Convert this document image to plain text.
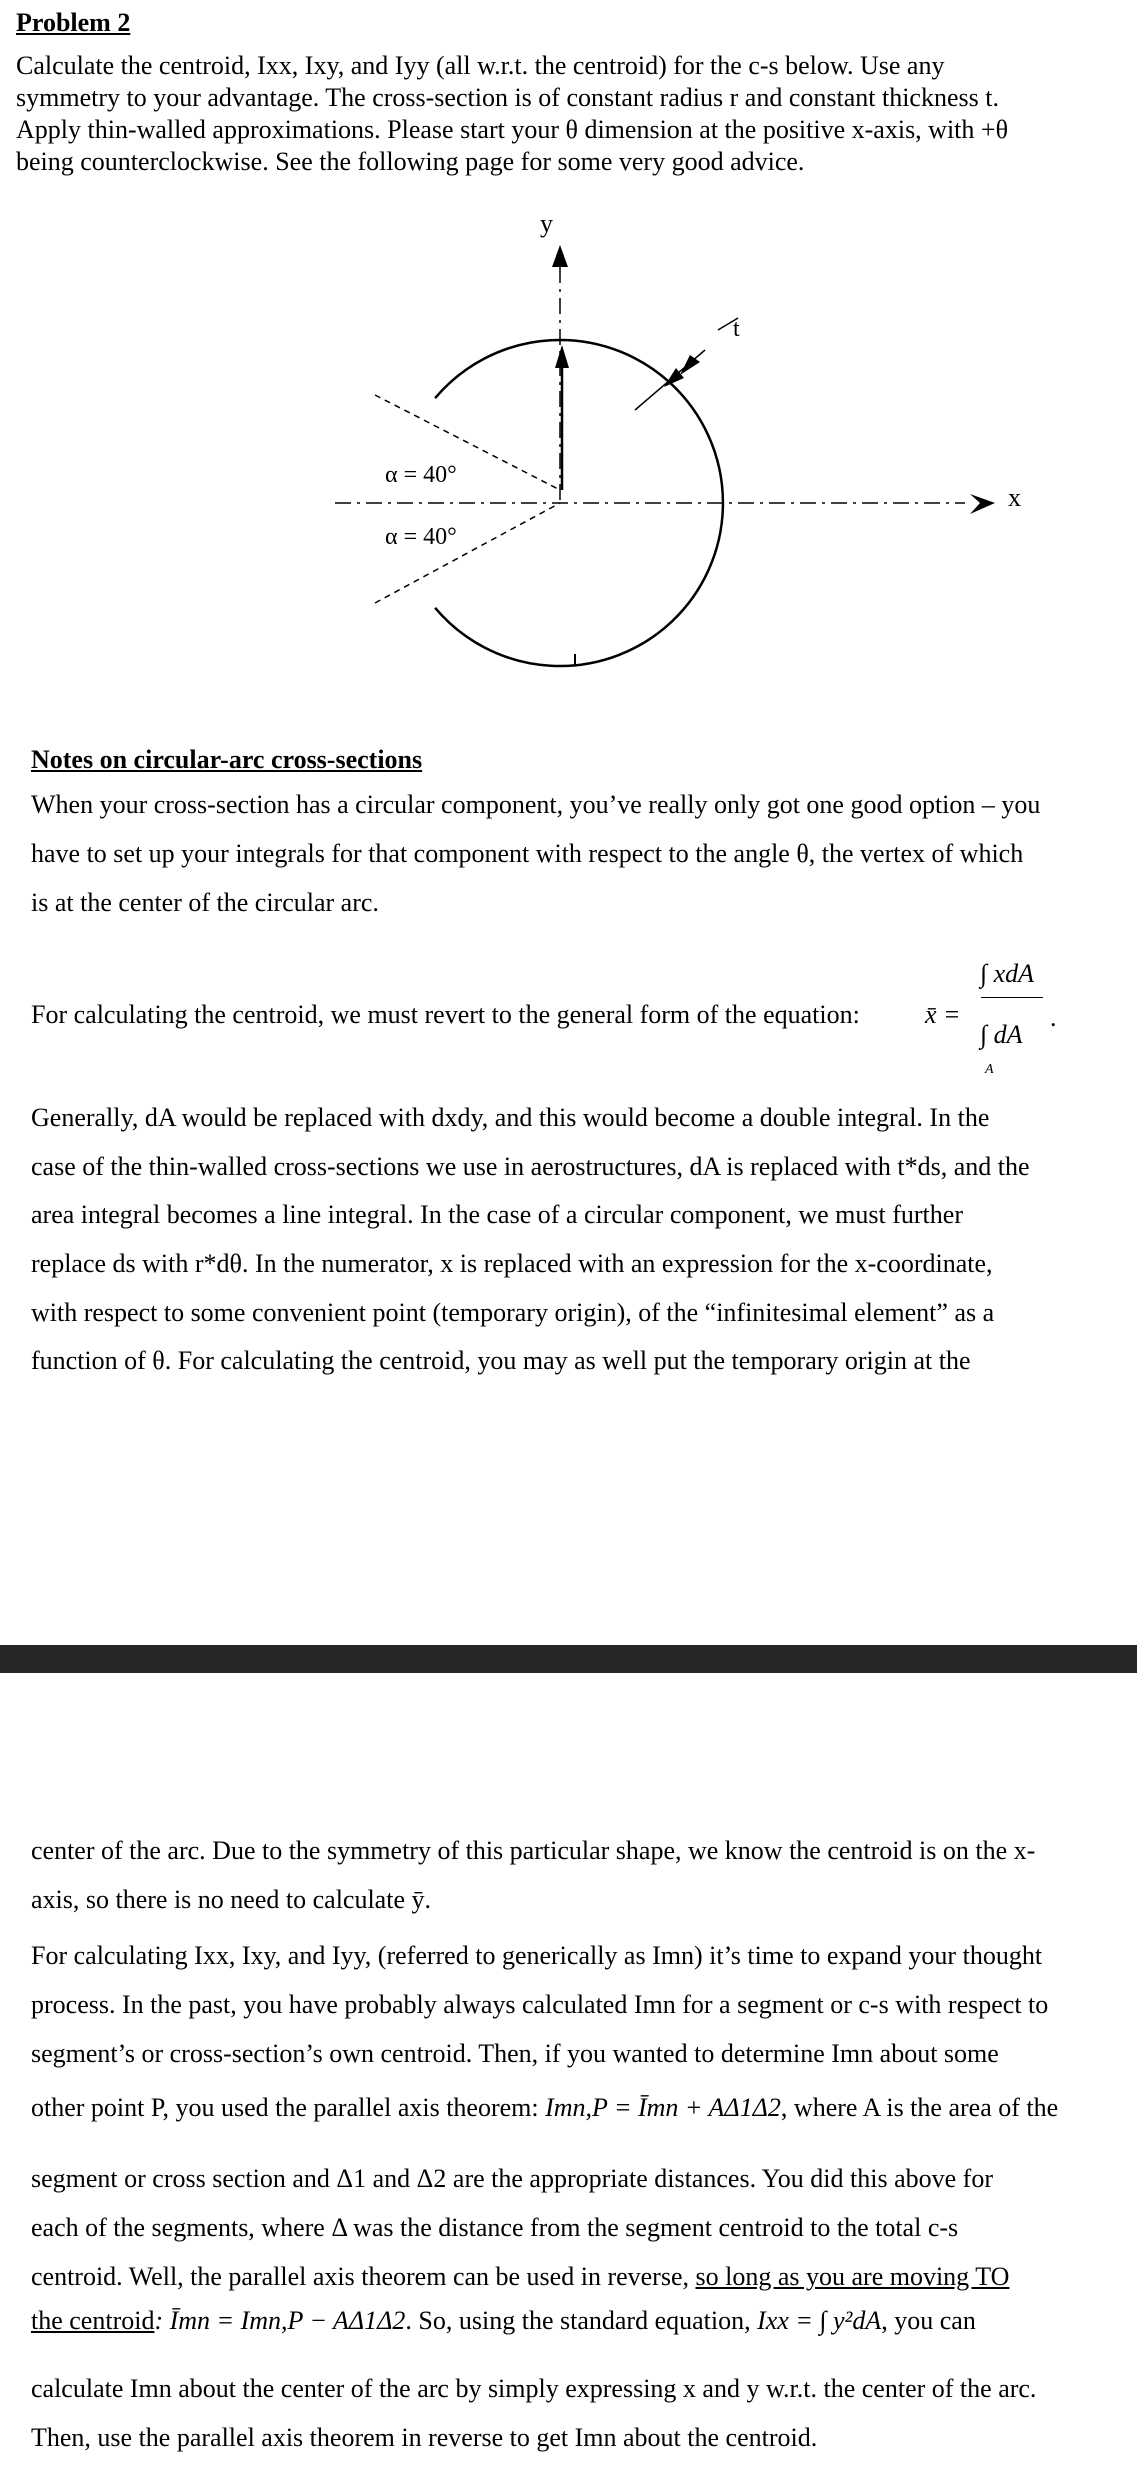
Problem 2
Calculate the centroid, Ixx, Ixy, and Iyy (all w.r.t. the centroid) for the c-s below. Use any
symmetry to your advantage. The cross-section is of constant radius r and constant thickness t.
Apply thin-walled approximations. Please start your θ dimension at the positive x-axis, with +θ
being counterclockwise. See the following page for some very good advice.
y
x
t
α = 40°
α = 40°
Notes on circular-arc cross-sections
When your cross-section has a circular component, you’ve really only got one good option – you
have to set up your integrals for that component with respect to the angle θ, the vertex of which
is at the center of the circular arc.
For calculating the centroid, we must revert to the general form of the equation:	x̄ =
∫ xdA
∫ dA
A
.
Generally, dA would be replaced with dxdy, and this would become a double integral. In the
case of the thin-walled cross-sections we use in aerostructures, dA is replaced with t*ds, and the
area integral becomes a line integral. In the case of a circular component, we must further
replace ds with r*dθ. In the numerator, x is replaced with an expression for the x-coordinate,
with respect to some convenient point (temporary origin), of the “infinitesimal element” as a
function of θ. For calculating the centroid, you may as well put the temporary origin at the
center of the arc. Due to the symmetry of this particular shape, we know the centroid is on the x-
axis, so there is no need to calculate ȳ.
For calculating Ixx, Ixy, and Iyy, (referred to generically as Imn) it’s time to expand your thought
process. In the past, you have probably always calculated Imn for a segment or c-s with respect to
segment’s or cross-section’s own centroid. Then, if you wanted to determine Imn about some
other point P, you used the parallel axis theorem: Imn,P = Īmn + AΔ1Δ2, where A is the area of the
segment or cross section and Δ1 and Δ2 are the appropriate distances. You did this above for
each of the segments, where Δ was the distance from the segment centroid to the total c-s
centroid. Well, the parallel axis theorem can be used in reverse, so long as you are moving TO
the centroid: Īmn = Imn,P − AΔ1Δ2. So, using the standard equation, Ixx = ∫ y²dA, you can
calculate Imn about the center of the arc by simply expressing x and y w.r.t. the center of the arc.
Then, use the parallel axis theorem in reverse to get Imn about the centroid.
